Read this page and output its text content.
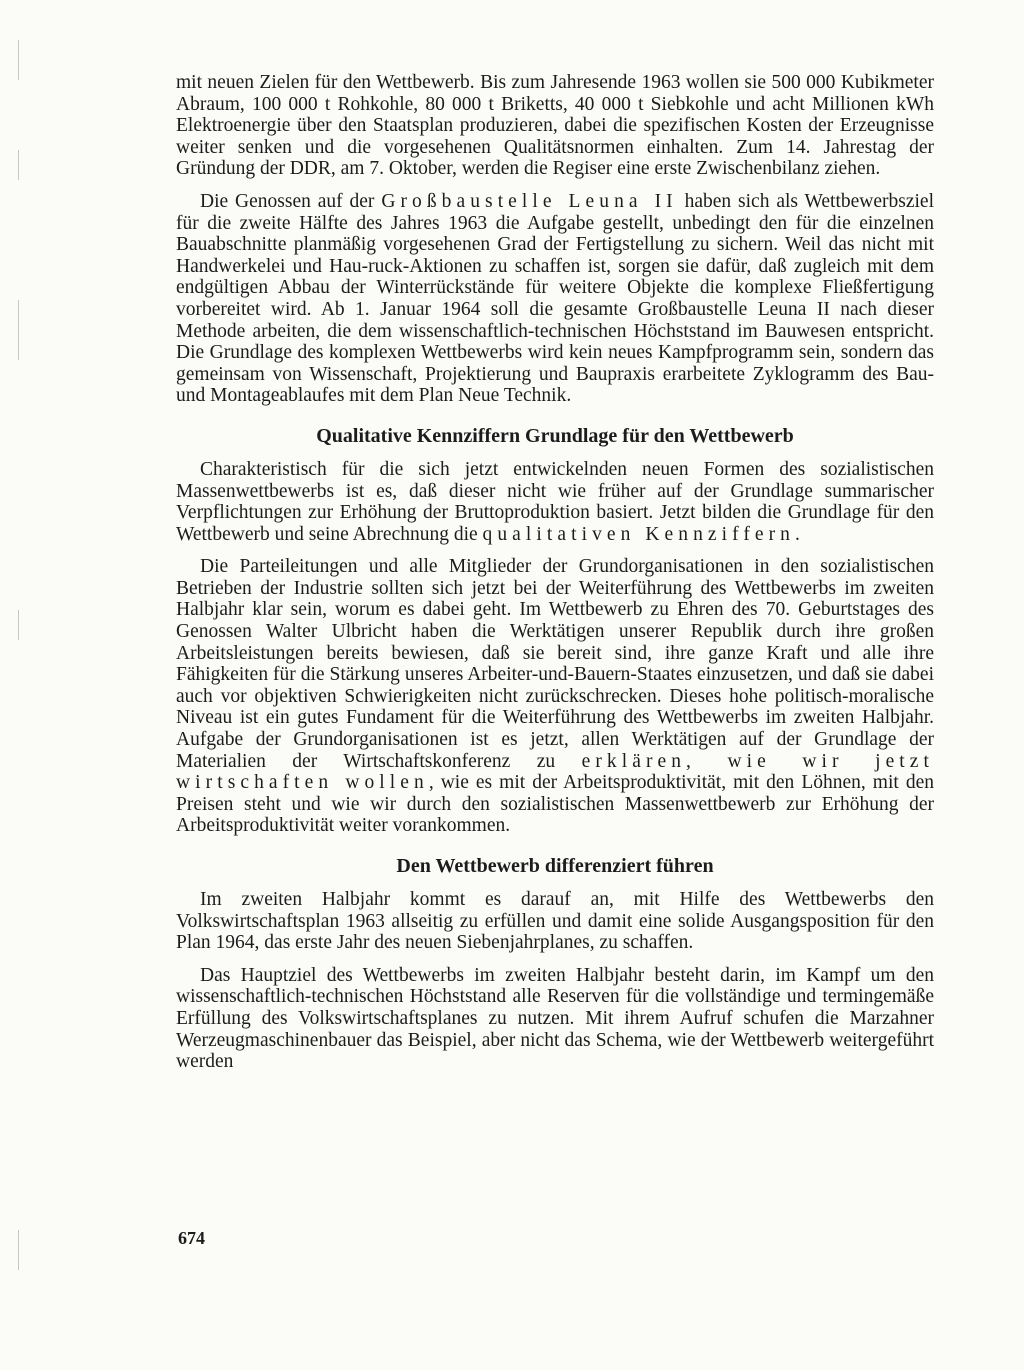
mit neuen Zielen für den Wettbewerb. Bis zum Jahresende 1963 wollen sie 500 000 Kubikmeter Abraum, 100 000 t Rohkohle, 80 000 t Briketts, 40 000 t Siebkohle und acht Millionen kWh Elektroenergie über den Staatsplan produzieren, dabei die spezifischen Kosten der Erzeugnisse weiter senken und die vorgesehenen Qualitätsnormen einhalten. Zum 14. Jahrestag der Gründung der DDR, am 7. Oktober, werden die Regiser eine erste Zwischenbilanz ziehen.

Die Genossen auf der Großbaustelle Leuna II haben sich als Wettbewerbsziel für die zweite Hälfte des Jahres 1963 die Aufgabe gestellt, unbedingt den für die einzelnen Bauabschnitte planmäßig vorgesehenen Grad der Fertigstellung zu sichern. Weil das nicht mit Handwerkelei und Hau-ruck-Aktionen zu schaffen ist, sorgen sie dafür, daß zugleich mit dem endgültigen Abbau der Winterrückstände für weitere Objekte die komplexe Fließfertigung vorbereitet wird. Ab 1. Januar 1964 soll die gesamte Großbaustelle Leuna II nach dieser Methode arbeiten, die dem wissenschaftlich-technischen Höchststand im Bauwesen entspricht. Die Grundlage des komplexen Wettbewerbs wird kein neues Kampfprogramm sein, sondern das gemeinsam von Wissenschaft, Projektierung und Baupraxis erarbeitete Zyklogramm des Bau- und Montageablaufes mit dem Plan Neue Technik.

Qualitative Kennziffern Grundlage für den Wettbewerb

Charakteristisch für die sich jetzt entwickelnden neuen Formen des sozialistischen Massenwettbewerbs ist es, daß dieser nicht wie früher auf der Grundlage summarischer Verpflichtungen zur Erhöhung der Bruttoproduktion basiert. Jetzt bilden die Grundlage für den Wettbewerb und seine Abrechnung die qualitativen Kennziffern.

Die Parteileitungen und alle Mitglieder der Grundorganisationen in den sozialistischen Betrieben der Industrie sollten sich jetzt bei der Weiterführung des Wettbewerbs im zweiten Halbjahr klar sein, worum es dabei geht. Im Wettbewerb zu Ehren des 70. Geburtstages des Genossen Walter Ulbricht haben die Werktätigen unserer Republik durch ihre großen Arbeitsleistungen bereits bewiesen, daß sie bereit sind, ihre ganze Kraft und alle ihre Fähigkeiten für die Stärkung unseres Arbeiter-und-Bauern-Staates einzusetzen, und daß sie dabei auch vor objektiven Schwierigkeiten nicht zurückschrecken. Dieses hohe politisch-moralische Niveau ist ein gutes Fundament für die Weiterführung des Wettbewerbs im zweiten Halbjahr. Aufgabe der Grundorganisationen ist es jetzt, allen Werktätigen auf der Grundlage der Materialien der Wirtschaftskonferenz zu erklären, wie wir jetzt wirtschaften wollen, wie es mit der Arbeitsproduktivität, mit den Löhnen, mit den Preisen steht und wie wir durch den sozialistischen Massenwettbewerb zur Erhöhung der Arbeitsproduktivität weiter vorankommen.

Den Wettbewerb differenziert führen

Im zweiten Halbjahr kommt es darauf an, mit Hilfe des Wettbewerbs den Volkswirtschaftsplan 1963 allseitig zu erfüllen und damit eine solide Ausgangsposition für den Plan 1964, das erste Jahr des neuen Siebenjahrplanes, zu schaffen.

Das Hauptziel des Wettbewerbs im zweiten Halbjahr besteht darin, im Kampf um den wissenschaftlich-technischen Höchststand alle Reserven für die vollständige und termingemäße Erfüllung des Volkswirtschaftsplanes zu nutzen. Mit ihrem Aufruf schufen die Marzahner Werzeugmaschinenbauer das Beispiel, aber nicht das Schema, wie der Wettbewerb weitergeführt werden

674
